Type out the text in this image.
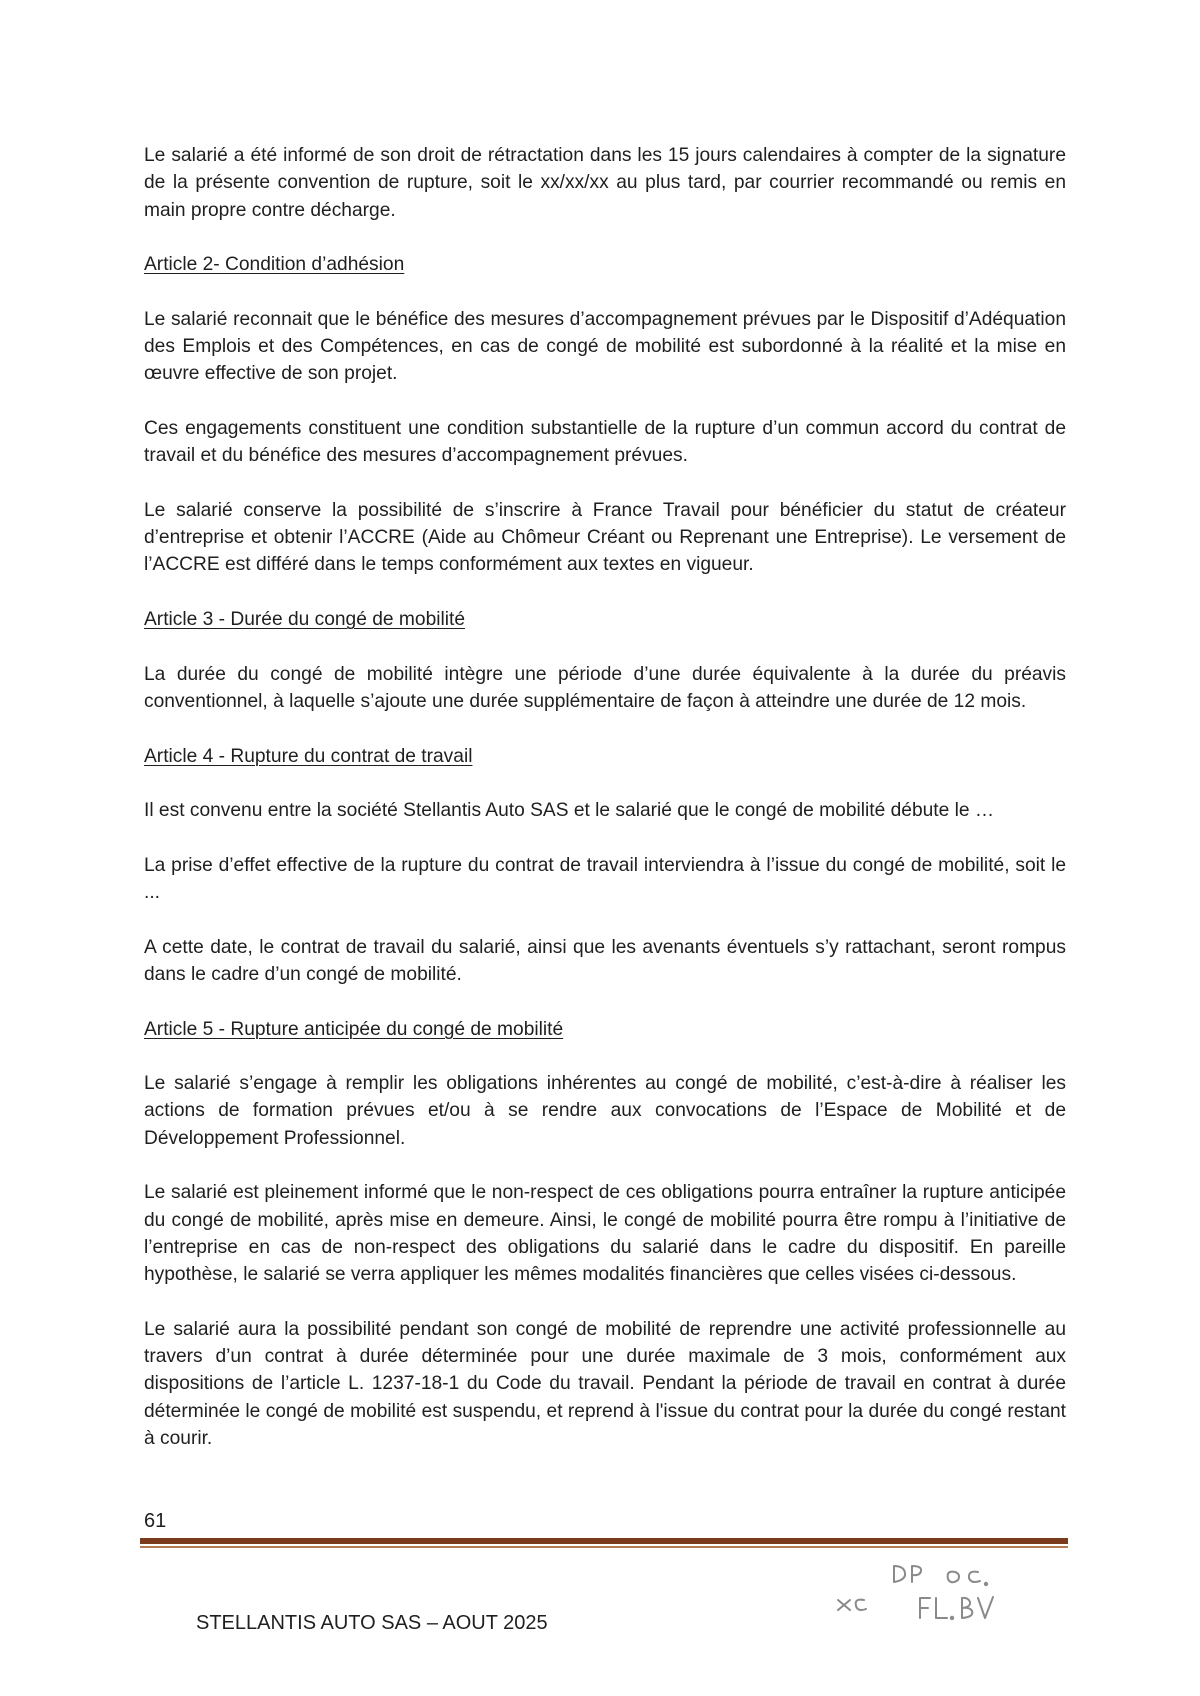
Le salarié a été informé de son droit de rétractation dans les 15 jours calendaires à compter de la signature de la présente convention de rupture, soit le xx/xx/xx au plus tard, par courrier recommandé ou remis en main propre contre décharge.

Article 2- Condition d’adhésion

Le salarié reconnait que le bénéfice des mesures d’accompagnement prévues par le Dispositif d’Adéquation des Emplois et des Compétences, en cas de congé de mobilité est subordonné à la réalité et la mise en œuvre effective de son projet.

Ces engagements constituent une condition substantielle de la rupture d’un commun accord du contrat de travail et du bénéfice des mesures d’accompagnement prévues.

Le salarié conserve la possibilité de s’inscrire à France Travail pour bénéficier du statut de créateur d’entreprise et obtenir l’ACCRE (Aide au Chômeur Créant ou Reprenant une Entreprise). Le versement de l’ACCRE est différé dans le temps conformément aux textes en vigueur.

Article 3 - Durée du congé de mobilité

La durée du congé de mobilité intègre une période d’une durée équivalente à la durée du préavis conventionnel, à laquelle s’ajoute une durée supplémentaire de façon à atteindre une durée de 12 mois.

Article 4 - Rupture du contrat de travail

Il est convenu entre la société Stellantis Auto SAS et le salarié que le congé de mobilité débute le …

La prise d’effet effective de la rupture du contrat de travail interviendra à l’issue du congé de mobilité, soit le ...

A cette date, le contrat de travail du salarié, ainsi que les avenants éventuels s’y rattachant, seront rompus dans le cadre d’un congé de mobilité.

Article 5 - Rupture anticipée du congé de mobilité

Le salarié s’engage à remplir les obligations inhérentes au congé de mobilité, c’est-à-dire à réaliser les actions de formation prévues et/ou à se rendre aux convocations de l’Espace de Mobilité et de Développement Professionnel.

Le salarié est pleinement informé que le non-respect de ces obligations pourra entraîner la rupture anticipée du congé de mobilité, après mise en demeure. Ainsi, le congé de mobilité pourra être rompu à l’initiative de l’entreprise en cas de non-respect des obligations du salarié dans le cadre du dispositif. En pareille hypothèse, le salarié se verra appliquer les mêmes modalités financières que celles visées ci-dessous.

Le salarié aura la possibilité pendant son congé de mobilité de reprendre une activité professionnelle au travers d’un contrat à durée déterminée pour une durée maximale de 3 mois, conformément aux dispositions de l’article L. 1237-18-1 du Code du travail. Pendant la période de travail en contrat à durée déterminée le congé de mobilité est suspendu, et reprend à l'issue du contrat pour la durée du congé restant à courir.

61
STELLANTIS AUTO SAS – AOUT 2025
